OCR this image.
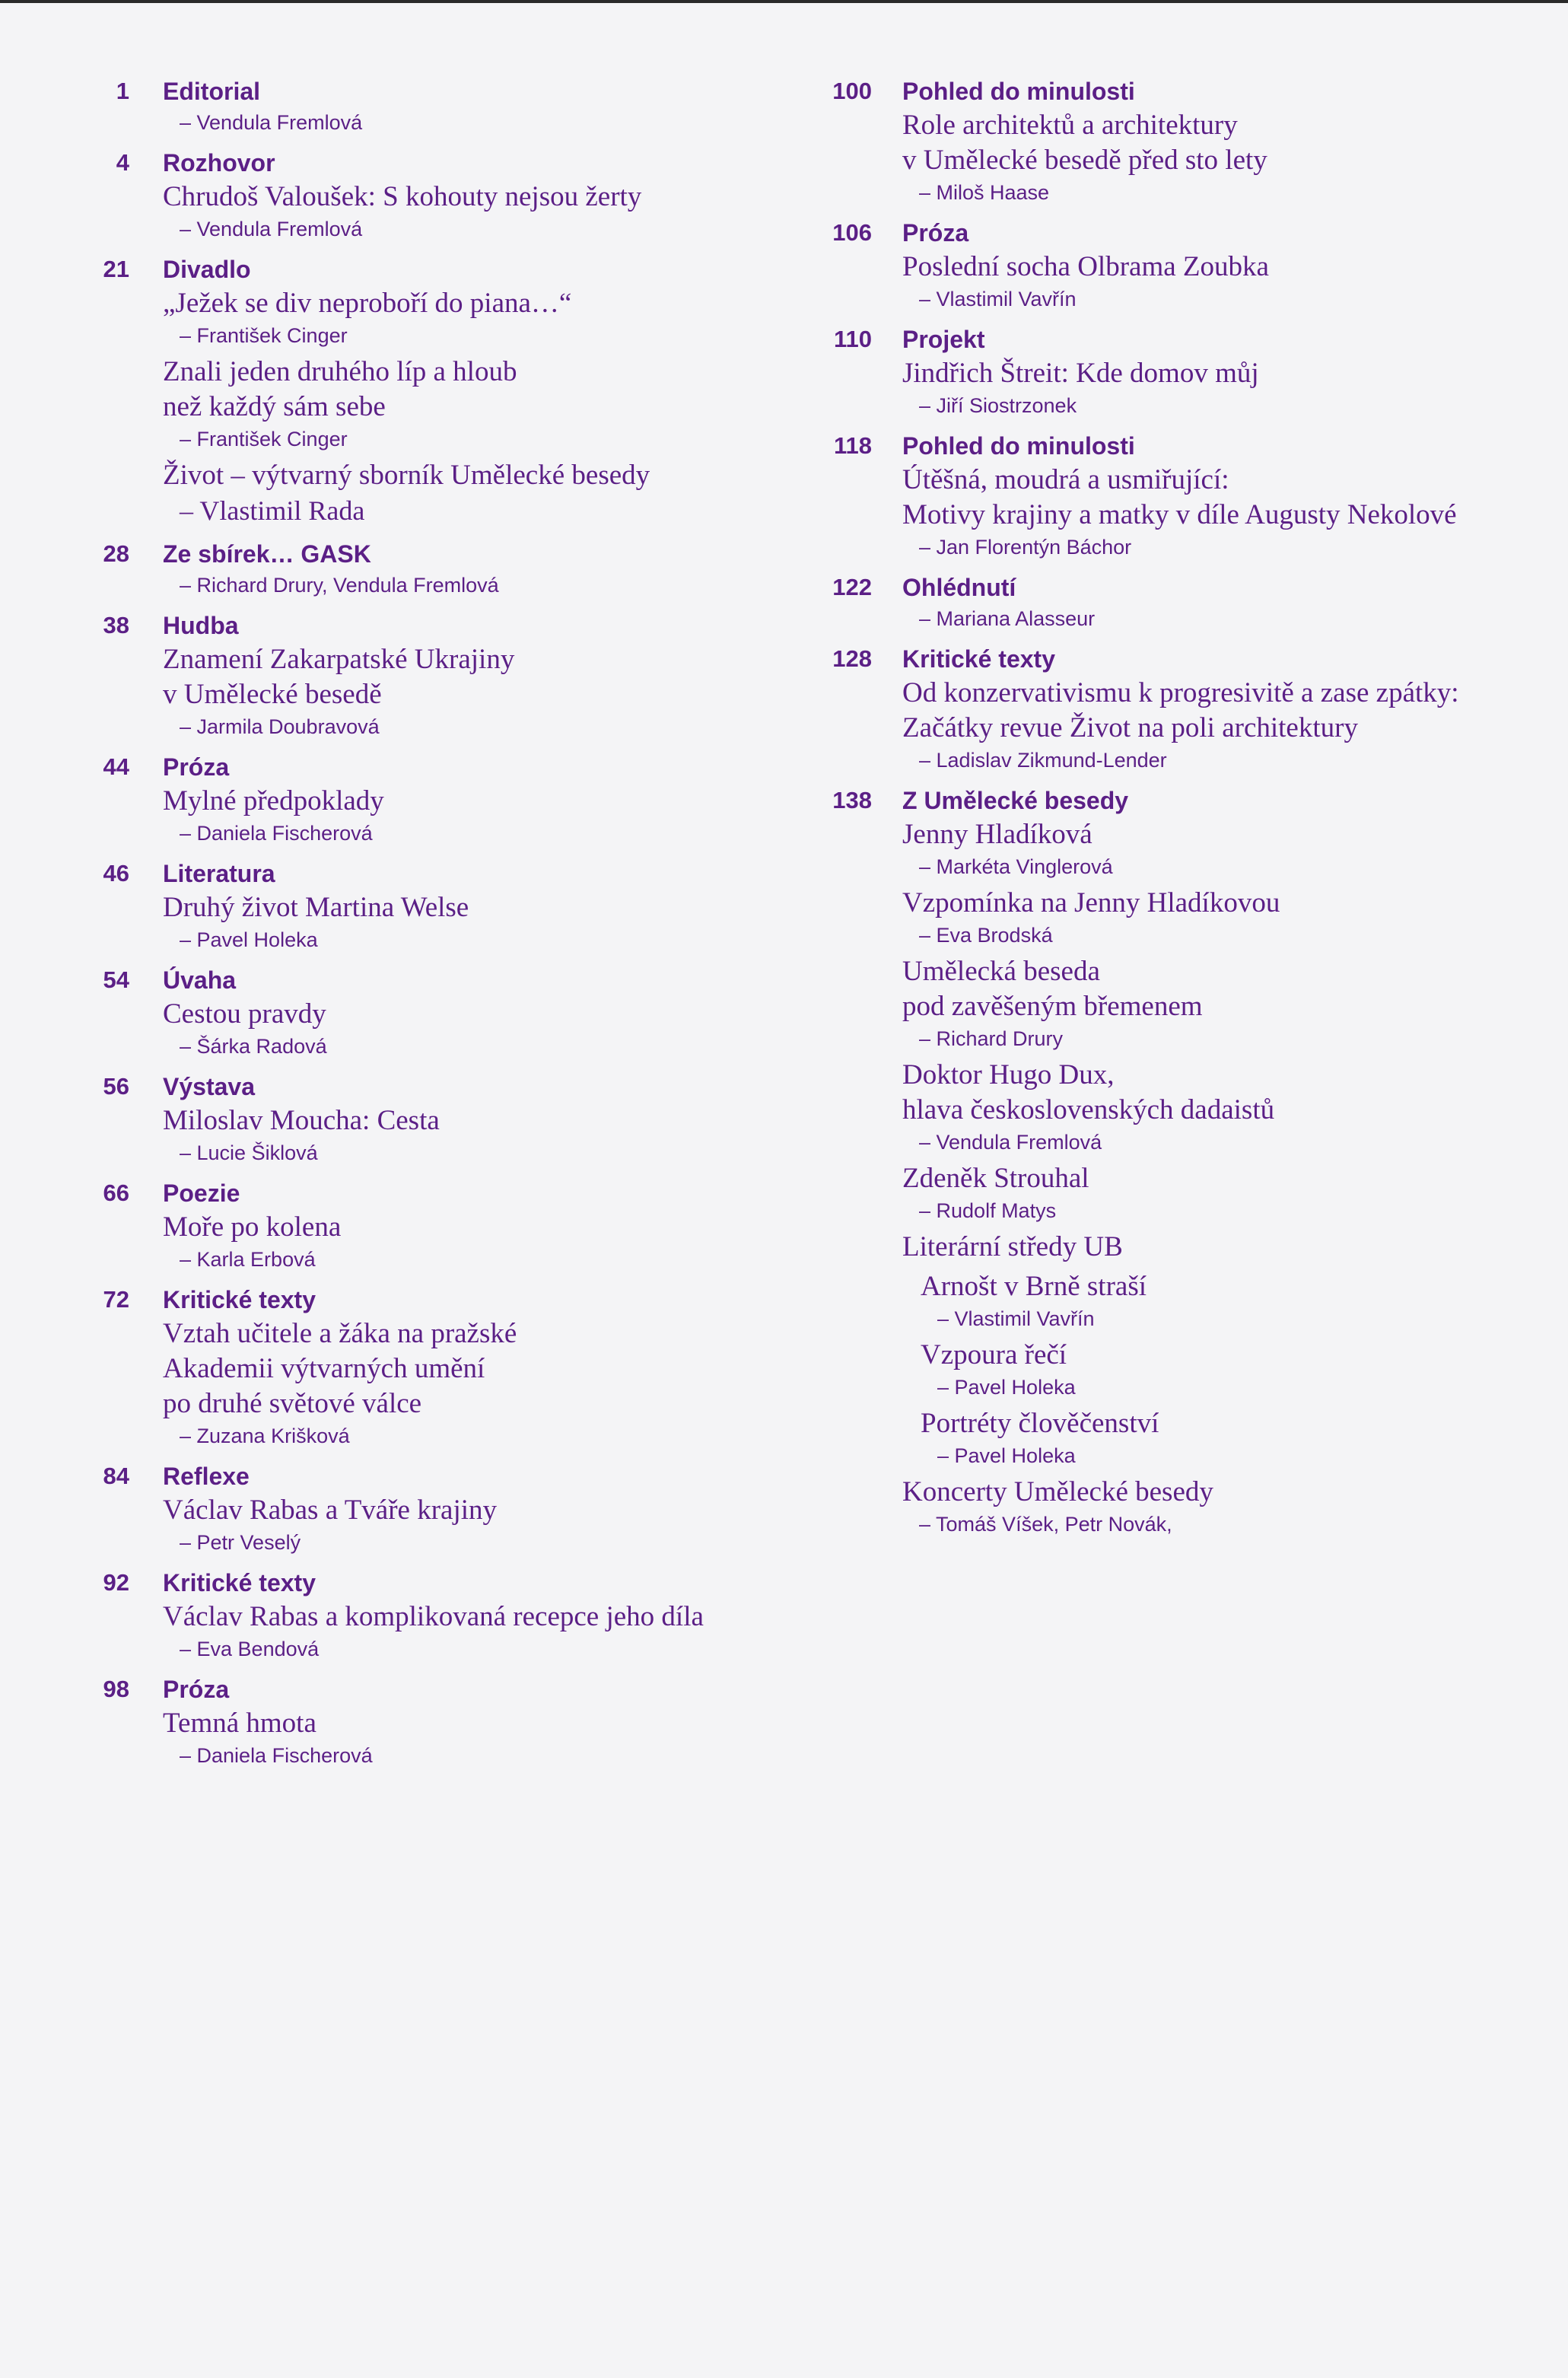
1 Editorial
– Vendula Fremlová
4 Rozhovor
Chrudoš Valoušek: S kohouty nejsou žerty
– Vendula Fremlová
21 Divadlo
„Ježek se div neproboří do piana…“
– František Cinger
Znali jeden druhého líp a hloub
než každý sám sebe
– František Cinger
Život – výtvarný sborník Umělecké besedy
– Vlastimil Rada
28 Ze sbírek… GASK
– Richard Drury, Vendula Fremlová
38 Hudba
Znamení Zakarpatské Ukrajiny
v Umělecké besedě
– Jarmila Doubravová
44 Próza
Mylné předpoklady
– Daniela Fischerová
46 Literatura
Druhý život Martina Welse
– Pavel Holeka
54 Úvaha
Cestou pravdy
– Šárka Radová
56 Výstava
Miloslav Moucha: Cesta
– Lucie Šiklová
66 Poezie
Moře po kolena
– Karla Erbová
72 Kritické texty
Vztah učitele a žáka na pražské
Akademii výtvarných umění
po druhé světové válce
– Zuzana Krišková
84 Reflexe
Václav Rabas a Tváře krajiny
– Petr Veselý
92 Kritické texty
Václav Rabas a komplikovaná recepce jeho díla
– Eva Bendová
98 Próza
Temná hmota
– Daniela Fischerová
100 Pohled do minulosti
Role architektů a architektury
v Umělecké besedě před sto lety
– Miloš Haase
106 Próza
Poslední socha Olbrama Zoubka
– Vlastimil Vavřín
110 Projekt
Jindřich Štreit: Kde domov můj
– Jiří Siostrzonek
118 Pohled do minulosti
Útěšná, moudrá a usmiřující:
Motivy krajiny a matky v díle Augusty Nekolové
– Jan Florentýn Báchor
122 Ohlédnutí
– Mariana Alasseur
128 Kritické texty
Od konzervativismu k progresivitě a zase zpátky:
Začátky revue Život na poli architektury
– Ladislav Zikmund-Lender
138 Z Umělecké besedy
Jenny Hladíková
– Markéta Vinglerová
Vzpomínka na Jenny Hladíkovou
– Eva Brodská
Umělecká beseda
pod zavěšeným břemenem
– Richard Drury
Doktor Hugo Dux,
hlava československých dadaistů
– Vendula Fremlová
Zdeněk Strouhal
– Rudolf Matys
Literární středy UB
Arnošt v Brně straší
– Vlastimil Vavřín
Vzpoura řečí
– Pavel Holeka
Portréty člověčenství
– Pavel Holeka
Koncerty Umělecké besedy
– Tomáš Víšek, Petr Novák,
